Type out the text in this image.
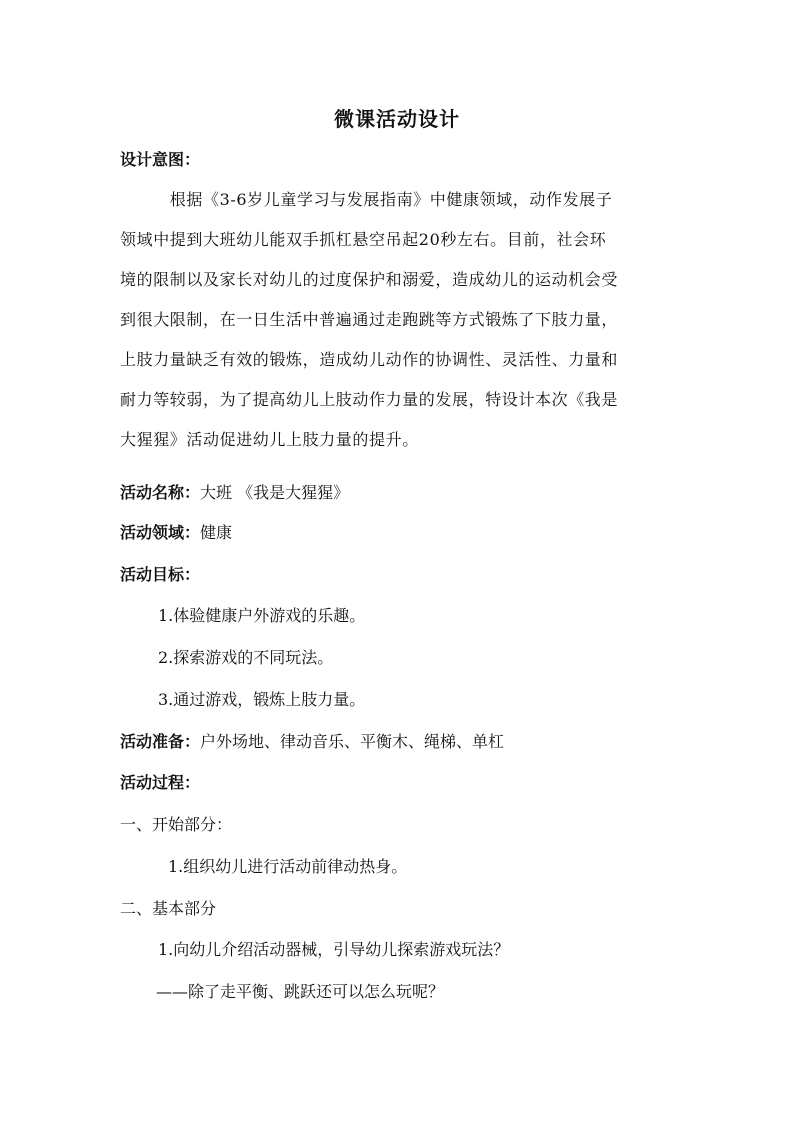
微课活动设计
设计意图：
　　　根据《3-6岁儿童学习与发展指南》中健康领域，动作发展子
领域中提到大班幼儿能双手抓杠悬空吊起20秒左右。目前，社会环
境的限制以及家长对幼儿的过度保护和溺爱，造成幼儿的运动机会受
到很大限制，在一日生活中普遍通过走跑跳等方式锻炼了下肢力量，
上肢力量缺乏有效的锻炼，造成幼儿动作的协调性、灵活性、力量和
耐力等较弱，为了提高幼儿上肢动作力量的发展，特设计本次《我是
大猩猩》活动促进幼儿上肢力量的提升。
活动名称：大班 《我是大猩猩》
活动领域：健康
活动目标：
1.体验健康户外游戏的乐趣。
2.探索游戏的不同玩法。
3.通过游戏，锻炼上肢力量。
活动准备：户外场地、律动音乐、平衡木、绳梯、单杠
活动过程：
一、开始部分：
1.组织幼儿进行活动前律动热身。
二、基本部分
1.向幼儿介绍活动器械，引导幼儿探索游戏玩法？
——除了走平衡、跳跃还可以怎么玩呢？
